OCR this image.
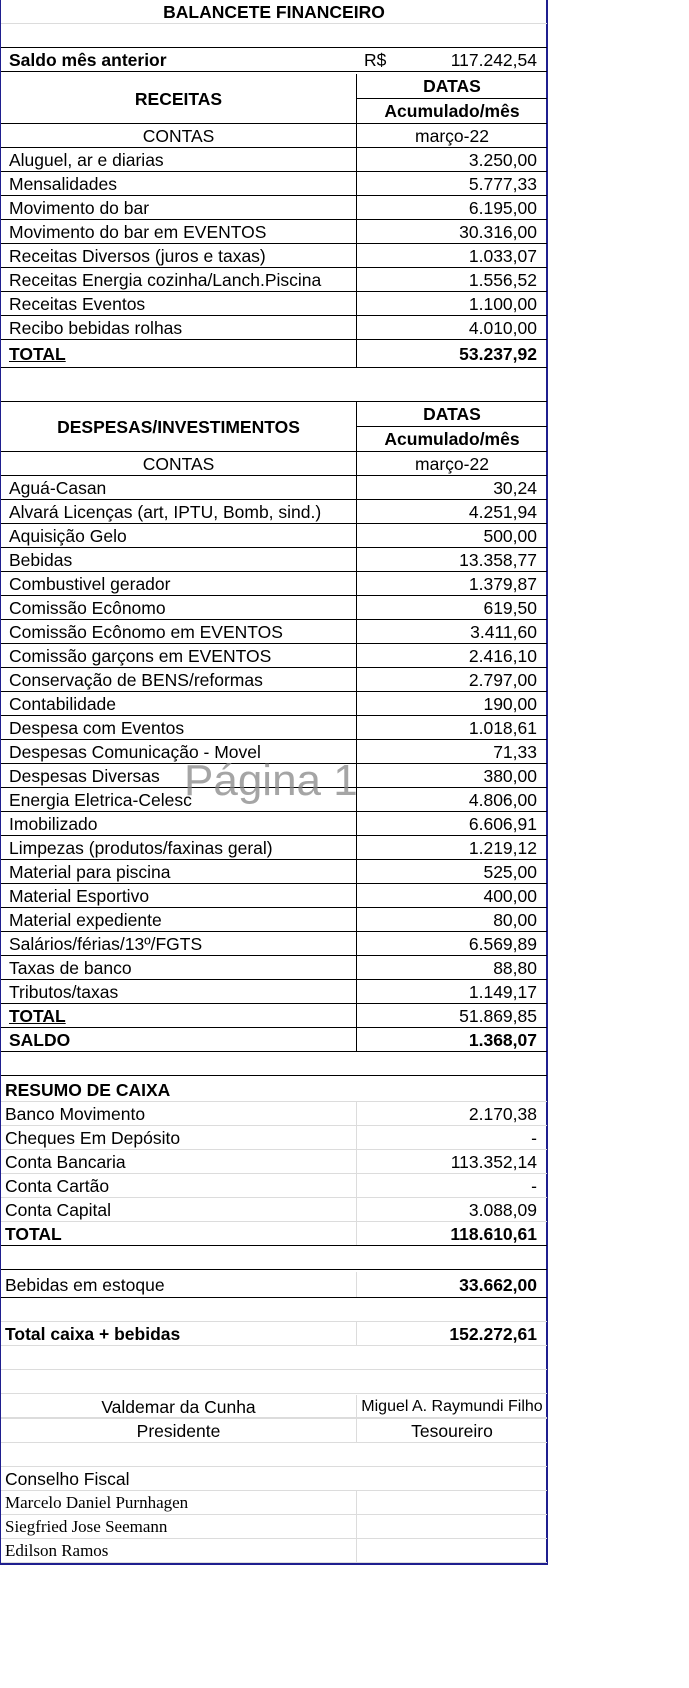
BALANCETE FINANCEIRO
Saldo mês anterior	R$	117.242,54
RECEITAS
DATAS
Acumulado/mês
CONTAS	março-22
Aluguel, ar e diarias	3.250,00
Mensalidades	5.777,33
Movimento do bar	6.195,00
Movimento do bar em EVENTOS	30.316,00
Receitas Diversos (juros e taxas)	1.033,07
Receitas Energia cozinha/Lanch.Piscina	1.556,52
Receitas Eventos	1.100,00
Recibo bebidas rolhas	4.010,00
TOTAL	53.237,92
DESPESAS/INVESTIMENTOS
DATAS
Acumulado/mês
CONTAS	março-22
Aguá-Casan	30,24
Alvará Licenças (art, IPTU, Bomb, sind.)	4.251,94
Aquisição Gelo	500,00
Bebidas	13.358,77
Combustivel gerador	1.379,87
Comissão Ecônomo	619,50
Comissão Ecônomo em EVENTOS	3.411,60
Comissão garçons em EVENTOS	2.416,10
Conservação de BENS/reformas	2.797,00
Contabilidade	190,00
Despesa com Eventos	1.018,61
Despesas Comunicação - Movel	71,33
Despesas Diversas	380,00
Energia Eletrica-Celesc	4.806,00
Imobilizado	6.606,91
Limpezas (produtos/faxinas geral)	1.219,12
Material para piscina	525,00
Material Esportivo	400,00
Material expediente	80,00
Salários/férias/13º/FGTS	6.569,89
Taxas de banco	88,80
Tributos/taxas	1.149,17
TOTAL	51.869,85
SALDO	1.368,07
RESUMO DE CAIXA
Banco Movimento	2.170,38
Cheques Em Depósito	-
Conta Bancaria	113.352,14
Conta Cartão	-
Conta Capital	3.088,09
TOTAL	118.610,61
Bebidas em estoque	33.662,00
Total caixa + bebidas	152.272,61
Valdemar da Cunha	Miguel A. Raymundi Filho
Presidente	Tesoureiro
Conselho Fiscal
Marcelo Daniel Purnhagen
Siegfried Jose Seemann
Edilson Ramos
Página 1
